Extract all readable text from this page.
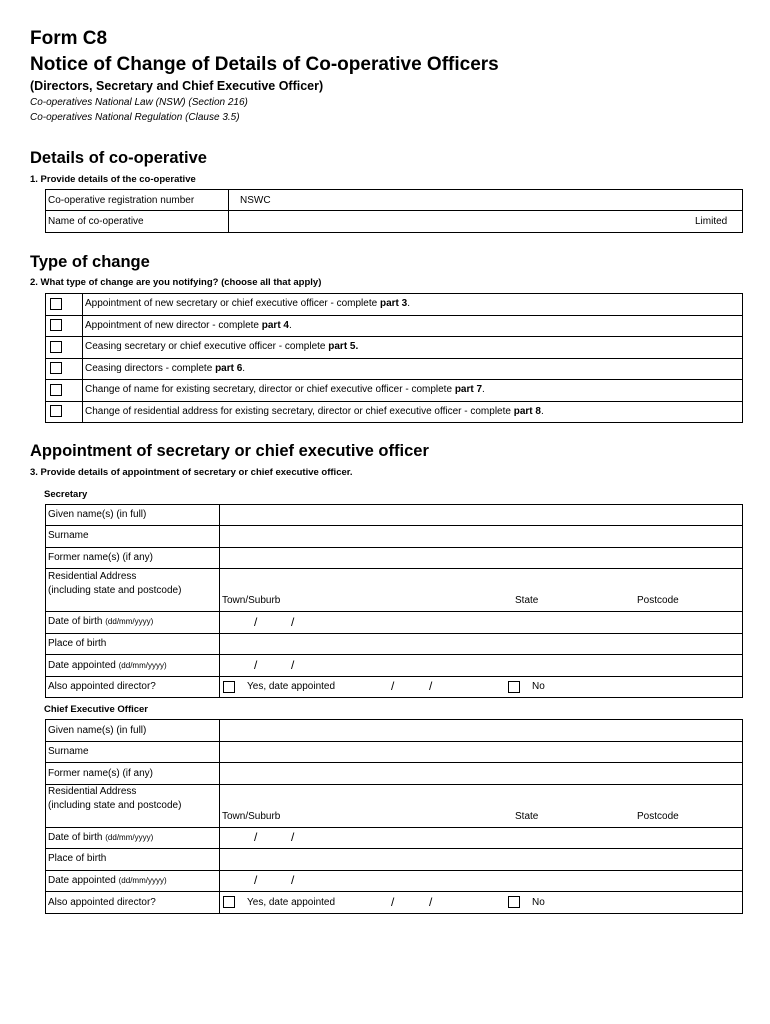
Form C8
Notice of Change of Details of Co-operative Officers
(Directors, Secretary and Chief Executive Officer)
Co-operatives National Law (NSW) (Section 216)
Co-operatives National Regulation (Clause 3.5)
Details of co-operative
1. Provide details of the co-operative
Co-operative registration number	NSWC
Name of co-operative	Limited
Type of change
2. What type of change are you notifying? (choose all that apply)
Appointment of new secretary or chief executive officer - complete part 3.
Appointment of new director - complete part 4.
Ceasing secretary or chief executive officer - complete part 5.
Ceasing directors - complete part 6.
Change of name for existing secretary, director or chief executive officer - complete part 7.
Change of residential address for existing secretary, director or chief executive officer - complete part 8.
Appointment of secretary or chief executive officer
3. Provide details of appointment of secretary or chief executive officer.
Secretary
Given name(s) (in full)
Surname
Former name(s) (if any)
Residential Address
(including state and postcode)
Town/Suburb	State	Postcode
Date of birth (dd/mm/yyyy)	/	/
Place of birth
Date appointed (dd/mm/yyyy)	/	/
Also appointed director?	Yes, date appointed	/	/	No
Chief Executive Officer
Given name(s) (in full)
Surname
Former name(s) (if any)
Residential Address
(including state and postcode)
Town/Suburb	State	Postcode
Date of birth (dd/mm/yyyy)	/	/
Place of birth
Date appointed (dd/mm/yyyy)	/	/
Also appointed director?	Yes, date appointed	/	/	No
